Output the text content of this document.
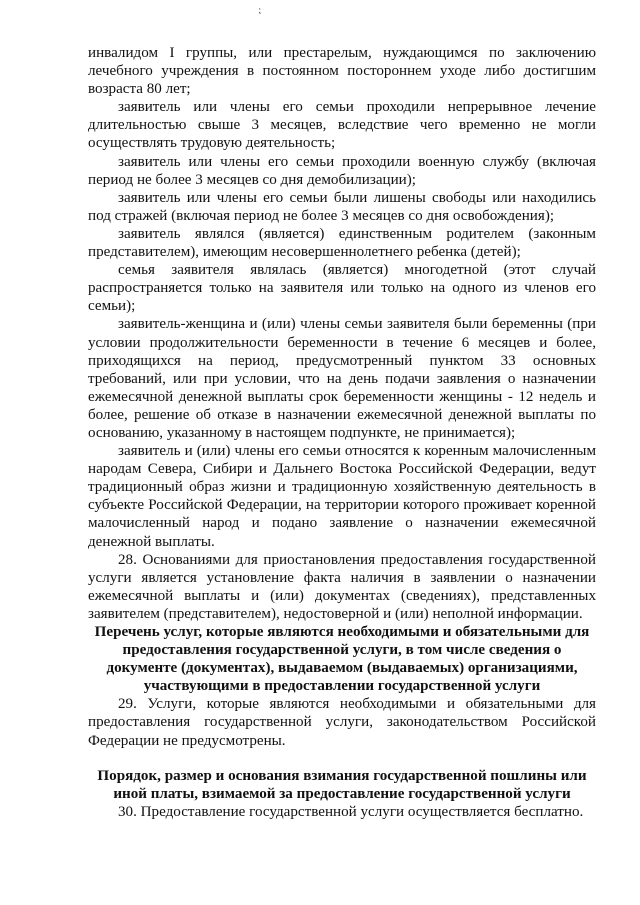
⁏

инвалидом I группы, или престарелым, нуждающимся по заключению лечебного учреждения в постоянном постороннем уходе либо достигшим возраста 80 лет;

заявитель или члены его семьи проходили непрерывное лечение длительностью свыше 3 месяцев, вследствие чего временно не могли осуществлять трудовую деятельность;

заявитель или члены его семьи проходили военную службу (включая период не более 3 месяцев со дня демобилизации);

заявитель или члены его семьи были лишены свободы или находились под стражей (включая период не более 3 месяцев со дня освобождения);

заявитель являлся (является) единственным родителем (законным представителем), имеющим несовершеннолетнего ребенка (детей);

семья заявителя являлась (является) многодетной (этот случай распространяется только на заявителя или только на одного из членов его семьи);

заявитель-женщина и (или) члены семьи заявителя были беременны (при условии продолжительности беременности в течение 6 месяцев и более, приходящихся на период, предусмотренный пунктом 33 основных требований, или при условии, что на день подачи заявления о назначении ежемесячной денежной выплаты срок беременности женщины - 12 недель и более, решение об отказе в назначении ежемесячной денежной выплаты по основанию, указанному в настоящем подпункте, не принимается);

заявитель и (или) члены его семьи относятся к коренным малочисленным народам Севера, Сибири и Дальнего Востока Российской Федерации, ведут традиционный образ жизни и традиционную хозяйственную деятельность в субъекте Российской Федерации, на территории которого проживает коренной малочисленный народ и подано заявление о назначении ежемесячной денежной выплаты.

28. Основаниями для приостановления предоставления государственной услуги является установление факта наличия в заявлении о назначении ежемесячной выплаты и (или) документах (сведениях), представленных заявителем (представителем), недостоверной и (или) неполной информации.

Перечень услуг, которые являются необходимыми и обязательными для предоставления государственной услуги, в том числе сведения о документе (документах), выдаваемом (выдаваемых) организациями, участвующими в предоставлении государственной услуги

29. Услуги, которые являются необходимыми и обязательными для предоставления государственной услуги, законодательством Российской Федерации не предусмотрены.

Порядок, размер и основания взимания государственной пошлины или иной платы, взимаемой за предоставление государственной услуги

30. Предоставление государственной услуги осуществляется бесплатно.
